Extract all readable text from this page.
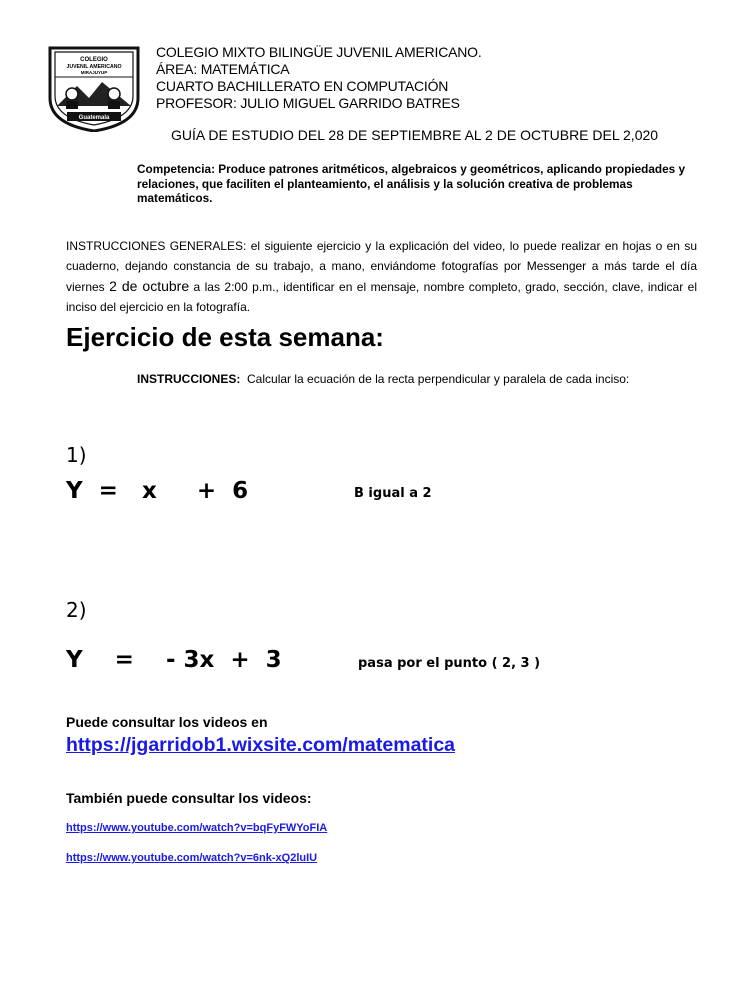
COLEGIO
JUVENIL AMERICANO
MIRAJUYUP
Guatemala
COLEGIO MIXTO BILINGÜE JUVENIL AMERICANO.
ÁREA: MATEMÁTICA
CUARTO BACHILLERATO EN COMPUTACIÓN
PROFESOR: JULIO MIGUEL GARRIDO BATRES
GUÍA DE ESTUDIO DEL 28 DE SEPTIEMBRE AL 2 DE OCTUBRE DEL 2,020
Competencia: Produce patrones aritméticos, algebraicos y geométricos, aplicando propiedades y relaciones, que faciliten el planteamiento, el análisis y la solución creativa de problemas matemáticos.
INSTRUCCIONES GENERALES: el siguiente ejercicio y la explicación del video, lo puede realizar en hojas o en su cuaderno, dejando constancia de su trabajo, a mano, enviándome fotografías por Messenger a más tarde el día viernes 2 de octubre a las 2:00 p.m., identificar en el mensaje, nombre completo, grado, sección, clave, indicar el inciso del ejercicio en la fotografía.
Ejercicio de esta semana:
INSTRUCCIONES: Calcular la ecuación de la recta perpendicular y paralela de cada inciso:
1)
Y  =   x     +  6	B igual a 2
2)
Y    =    - 3x  +  3	pasa por el punto ( 2, 3 )
Puede consultar los videos en
https://jgarridob1.wixsite.com/matematica
También puede consultar los videos:
https://www.youtube.com/watch?v=bqFyFWYoFIA
https://www.youtube.com/watch?v=6nk-xQ2luIU
